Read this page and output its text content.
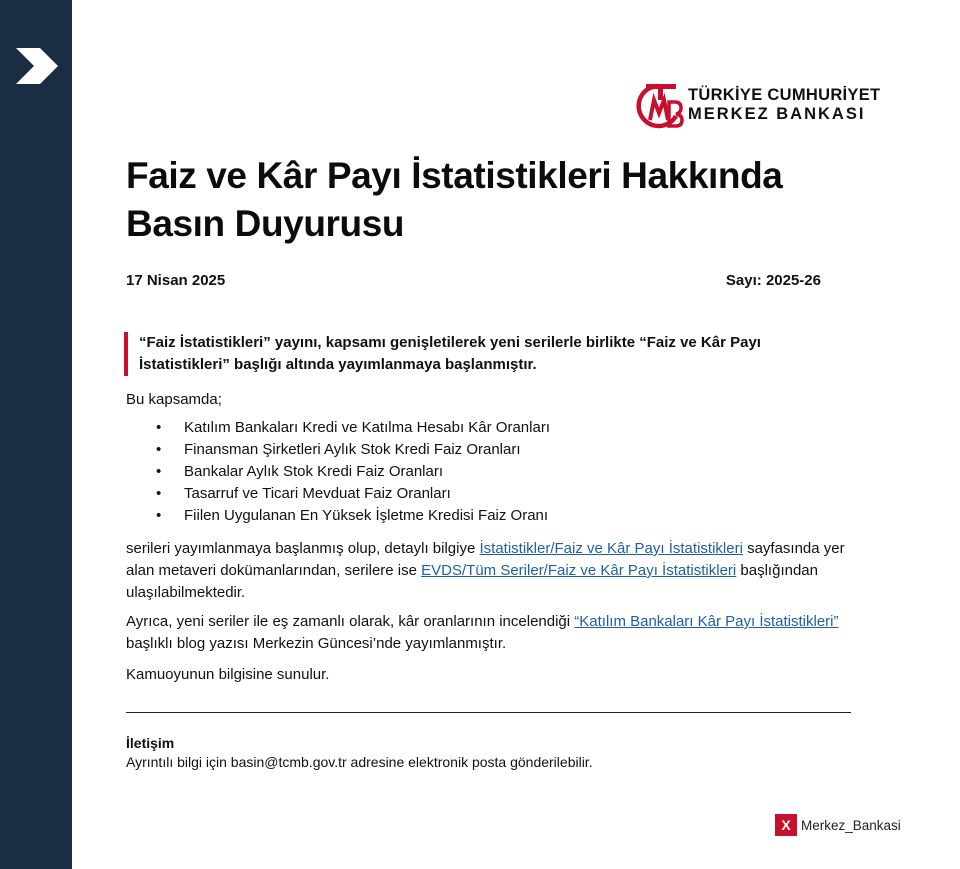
TÜRKİYE CUMHURİYET
MERKEZ BANKASI
Faiz ve Kâr Payı İstatistikleri Hakkında Basın Duyurusu
17 Nisan 2025	Sayı: 2025-26
“Faiz İstatistikleri” yayını, kapsamı genişletilerek yeni serilerle birlikte “Faiz ve Kâr Payı İstatistikleri” başlığı altında yayımlanmaya başlanmıştır.
Bu kapsamda;
• Katılım Bankaları Kredi ve Katılma Hesabı Kâr Oranları
• Finansman Şirketleri Aylık Stok Kredi Faiz Oranları
• Bankalar Aylık Stok Kredi Faiz Oranları
• Tasarruf ve Ticari Mevduat Faiz Oranları
• Fiilen Uygulanan En Yüksek İşletme Kredisi Faiz Oranı
serileri yayımlanmaya başlanmış olup, detaylı bilgiye İstatistikler/Faiz ve Kâr Payı İstatistikleri sayfasında yer alan metaveri dokümanlarından, serilere ise EVDS/Tüm Seriler/Faiz ve Kâr Payı İstatistikleri başlığından ulaşılabilmektedir.
Ayrıca, yeni seriler ile eş zamanlı olarak, kâr oranlarının incelendiği “Katılım Bankaları Kâr Payı İstatistikleri” başlıklı blog yazısı Merkezin Güncesi’nde yayımlanmıştır.
Kamuoyunun bilgisine sunulur.
İletişim
Ayrıntılı bilgi için basin@tcmb.gov.tr adresine elektronik posta gönderilebilir.
X Merkez_Bankasi
